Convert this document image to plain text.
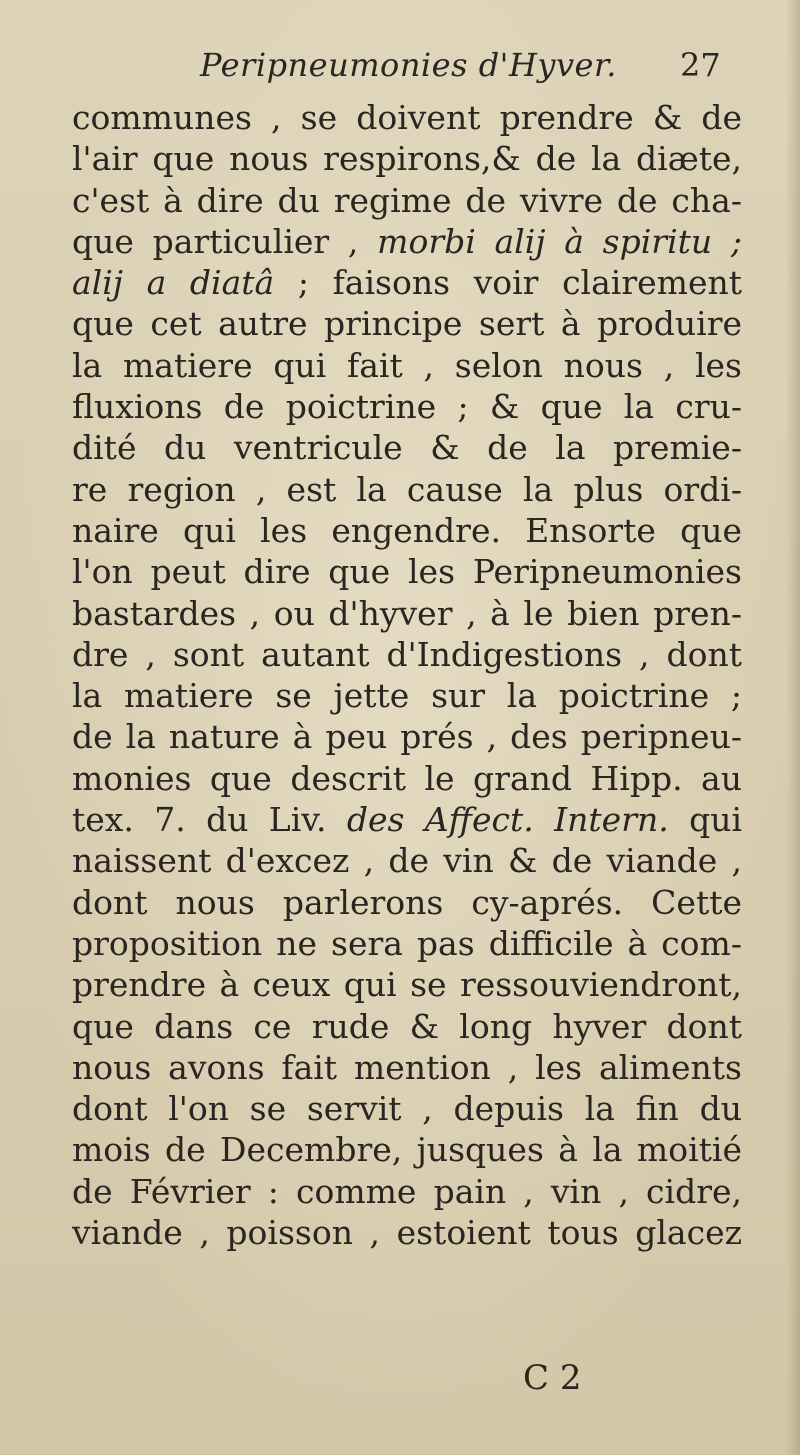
Peripneumonies d'Hyver. 27
communes , se doivent prendre & de
l'air que nous respirons,& de la diæte,
c'est à dire du regime de vivre de cha-
que particulier , morbi alij à spiritu ;
alij a diatâ ; faisons voir clairement
que cet autre principe sert à produire
la matiere qui fait , selon nous , les
fluxions de poictrine ; & que la cru-
dité du ventricule & de la premie-
re region , est la cause la plus ordi-
naire qui les engendre. Ensorte que
l'on peut dire que les Peripneumonies
bastardes , ou d'hyver , à le bien pren-
dre , sont autant d'Indigestions , dont
la matiere se jette sur la poictrine ;
de la nature à peu prés , des peripneu-
monies que descrit le grand Hipp. au
tex. 7. du Liv. des Affect. Intern. qui
naissent d'excez , de vin & de viande ,
dont nous parlerons cy-aprés. Cette
proposition ne sera pas difficile à com-
prendre à ceux qui se ressouviendront,
que dans ce rude & long hyver dont
nous avons fait mention , les aliments
dont l'on se servit , depuis la fin du
mois de Decembre, jusques à la moitié
de Février : comme pain , vin , cidre,
viande , poisson , estoient tous glacez
C 2
